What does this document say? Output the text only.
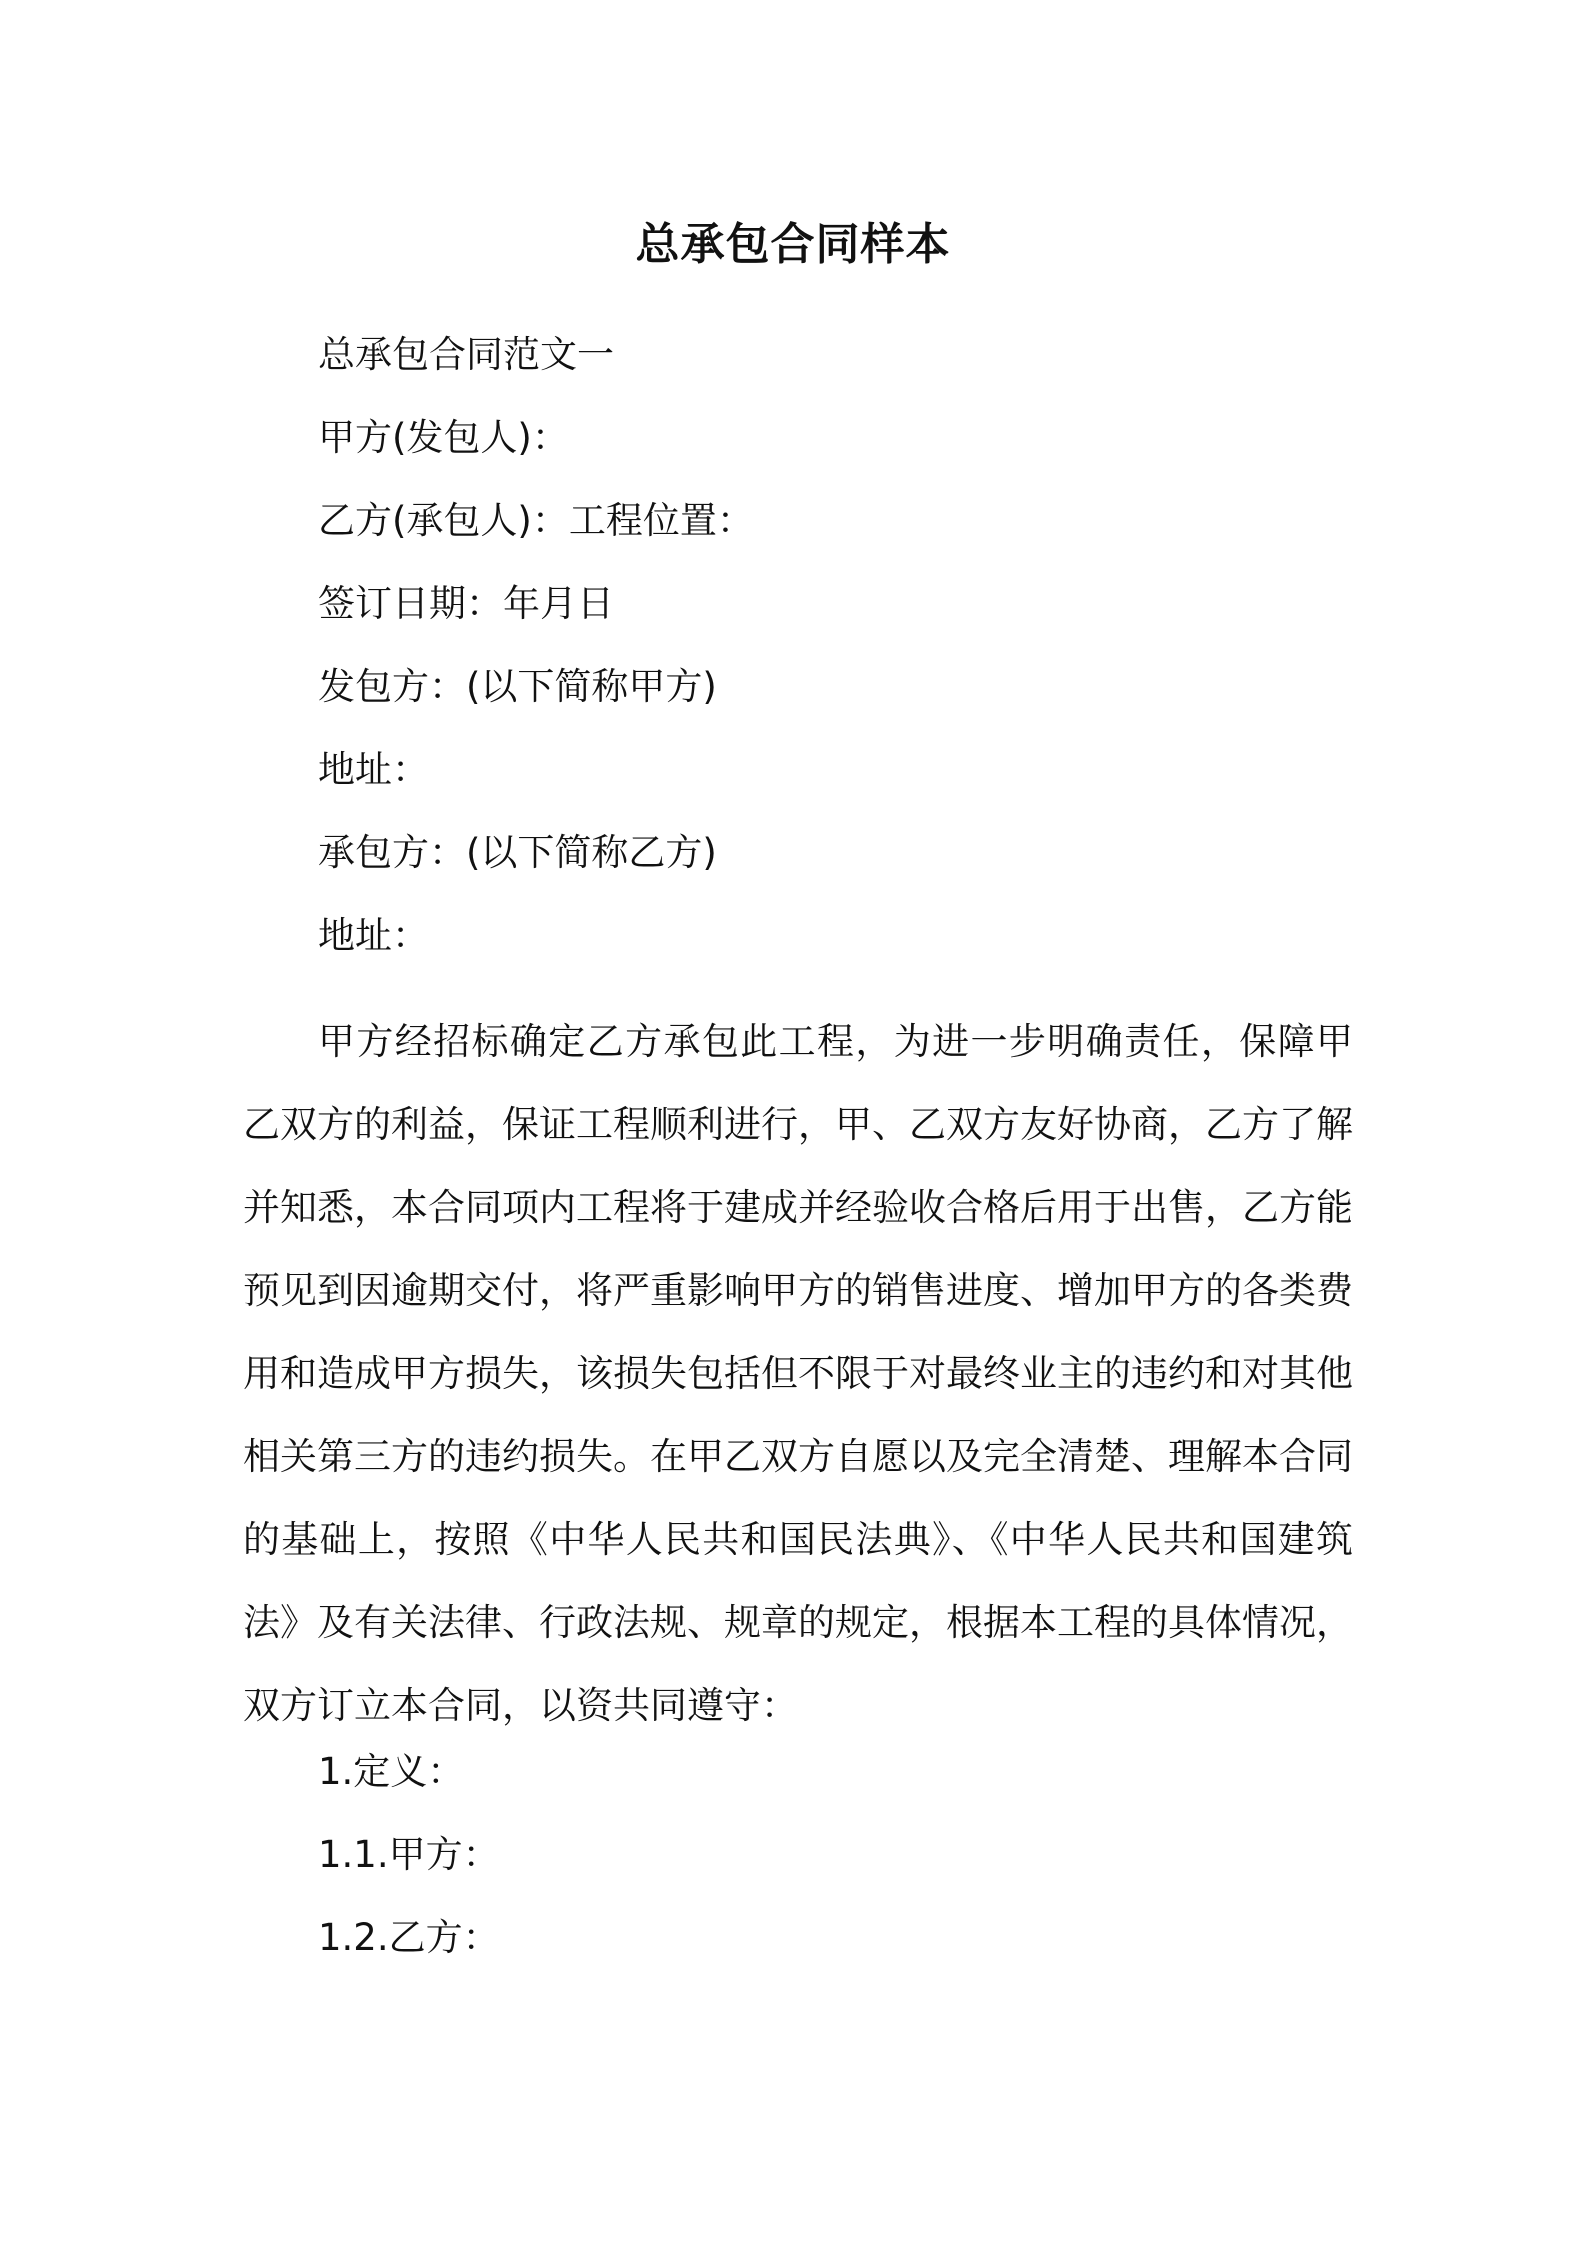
总承包合同样本
总承包合同范文一
甲方(发包人)：
乙方(承包人)：工程位置：
签订日期：年月日
发包方：(以下简称甲方)
地址：
承包方：(以下简称乙方)
地址：

甲方经招标确定乙方承包此工程，为进一步明确责任，保障甲乙双方的利益，保证工程顺利进行，甲、乙双方友好协商，乙方了解并知悉，本合同项内工程将于建成并经验收合格后用于出售，乙方能预见到因逾期交付，将严重影响甲方的销售进度、增加甲方的各类费用和造成甲方损失，该损失包括但不限于对最终业主的违约和对其他相关第三方的违约损失。在甲乙双方自愿以及完全清楚、理解本合同的基础上，按照《中华人民共和国民法典》、《中华人民共和国建筑法》及有关法律、行政法规、规章的规定，根据本工程的具体情况，双方订立本合同，以资共同遵守：

1.定义：
1.1.甲方：
1.2.乙方：
